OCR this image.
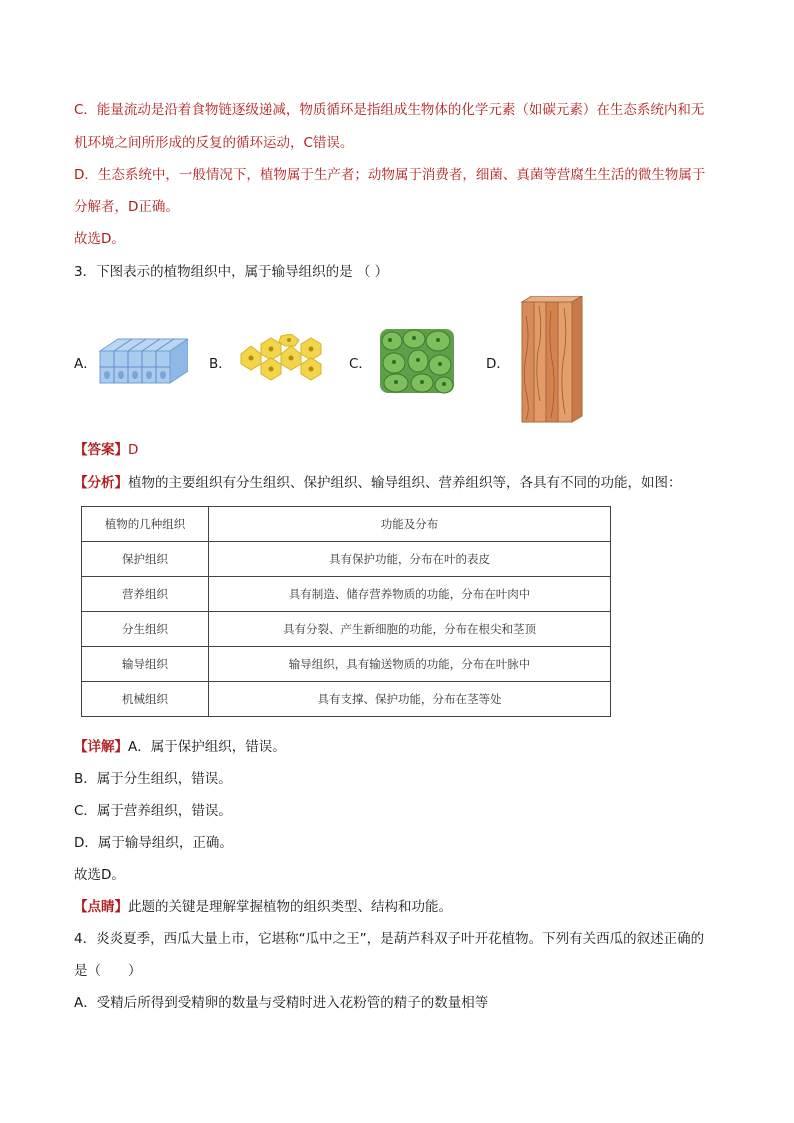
C．能量流动是沿着食物链逐级递减，物质循环是指组成生物体的化学元素（如碳元素）在生态系统内和无
机环境之间所形成的反复的循环运动，C错误。
D．生态系统中，一般情况下，植物属于生产者；动物属于消费者，细菌、真菌等营腐生生活的微生物属于
分解者，D正确。
故选D。
3．下图表示的植物组织中，属于输导组织的是 （ ）
A．	B．	C．	D．
【答案】D
【分析】植物的主要组织有分生组织、保护组织、输导组织、营养组织等，各具有不同的功能，如图：
植物的几种组织	功能及分布
保护组织	具有保护功能，分布在叶的表皮
营养组织	具有制造、储存营养物质的功能，分布在叶肉中
分生组织	具有分裂、产生新细胞的功能，分布在根尖和茎顶
输导组织	输导组织，具有输送物质的功能，分布在叶脉中
机械组织	具有支撑、保护功能，分布在茎等处
【详解】A．属于保护组织，错误。
B．属于分生组织，错误。
C．属于营养组织，错误。
D．属于输导组织，正确。
故选D。
【点睛】此题的关键是理解掌握植物的组织类型、结构和功能。
4．炎炎夏季，西瓜大量上市，它堪称“瓜中之王”，是葫芦科双子叶开花植物。下列有关西瓜的叙述正确的
是（　　）
A．受精后所得到受精卵的数量与受精时进入花粉管的精子的数量相等
